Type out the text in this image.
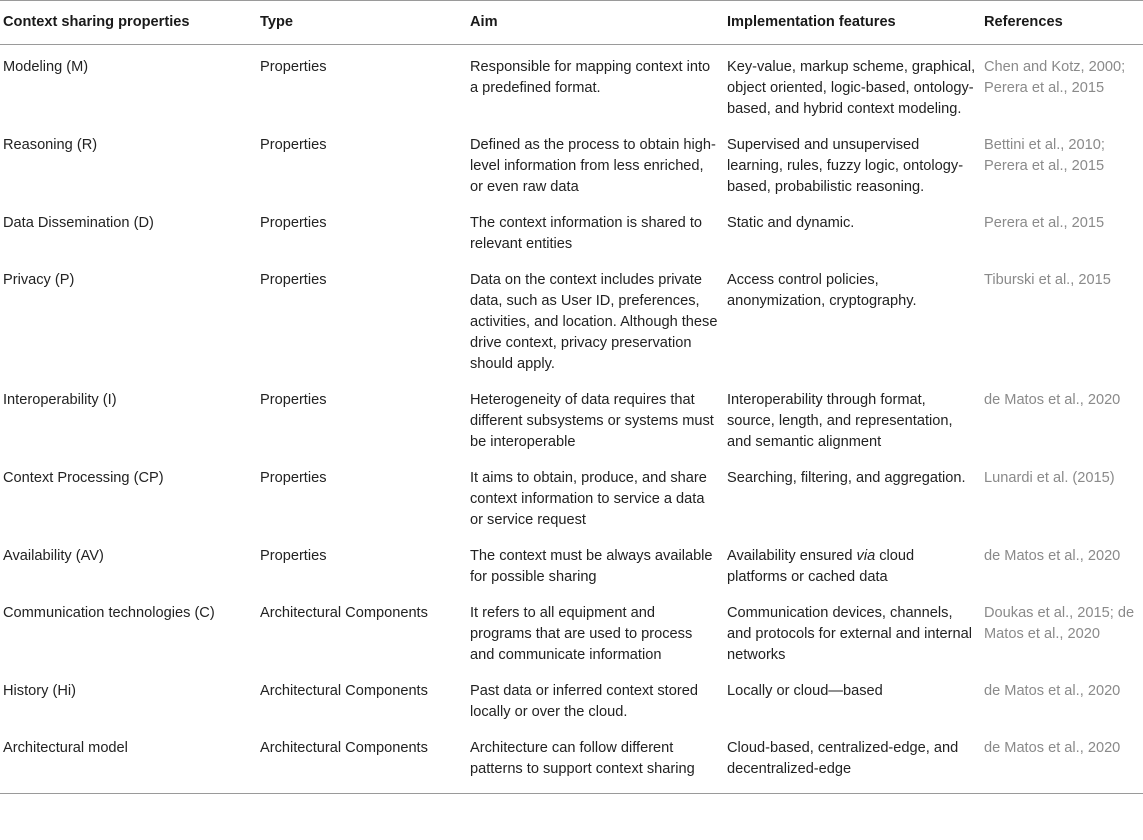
Context sharing properties	Type	Aim	Implementation features	References
Modeling (M)	Properties	Responsible for mapping context into a predefined format.	Key-value, markup scheme, graphical, object oriented, logic-based, ontology-based, and hybrid context modeling.	Chen and Kotz, 2000; Perera et al., 2015
Reasoning (R)	Properties	Defined as the process to obtain high-level information from less enriched, or even raw data	Supervised and unsupervised learning, rules, fuzzy logic, ontology-based, probabilistic reasoning.	Bettini et al., 2010; Perera et al., 2015
Data Dissemination (D)	Properties	The context information is shared to relevant entities	Static and dynamic.	Perera et al., 2015
Privacy (P)	Properties	Data on the context includes private data, such as User ID, preferences, activities, and location. Although these drive context, privacy preservation should apply.	Access control policies, anonymization, cryptography.	Tiburski et al., 2015
Interoperability (I)	Properties	Heterogeneity of data requires that different subsystems or systems must be interoperable	Interoperability through format, source, length, and representation, and semantic alignment	de Matos et al., 2020
Context Processing (CP)	Properties	It aims to obtain, produce, and share context information to service a data or service request	Searching, filtering, and aggregation.	Lunardi et al. (2015)
Availability (AV)	Properties	The context must be always available for possible sharing	Availability ensured via cloud platforms or cached data	de Matos et al., 2020
Communication technologies (C)	Architectural Components	It refers to all equipment and programs that are used to process and communicate information	Communication devices, channels, and protocols for external and internal networks	Doukas et al., 2015; de Matos et al., 2020
History (Hi)	Architectural Components	Past data or inferred context stored locally or over the cloud.	Locally or cloud—based	de Matos et al., 2020
Architectural model	Architectural Components	Architecture can follow different patterns to support context sharing	Cloud-based, centralized-edge, and decentralized-edge	de Matos et al., 2020
